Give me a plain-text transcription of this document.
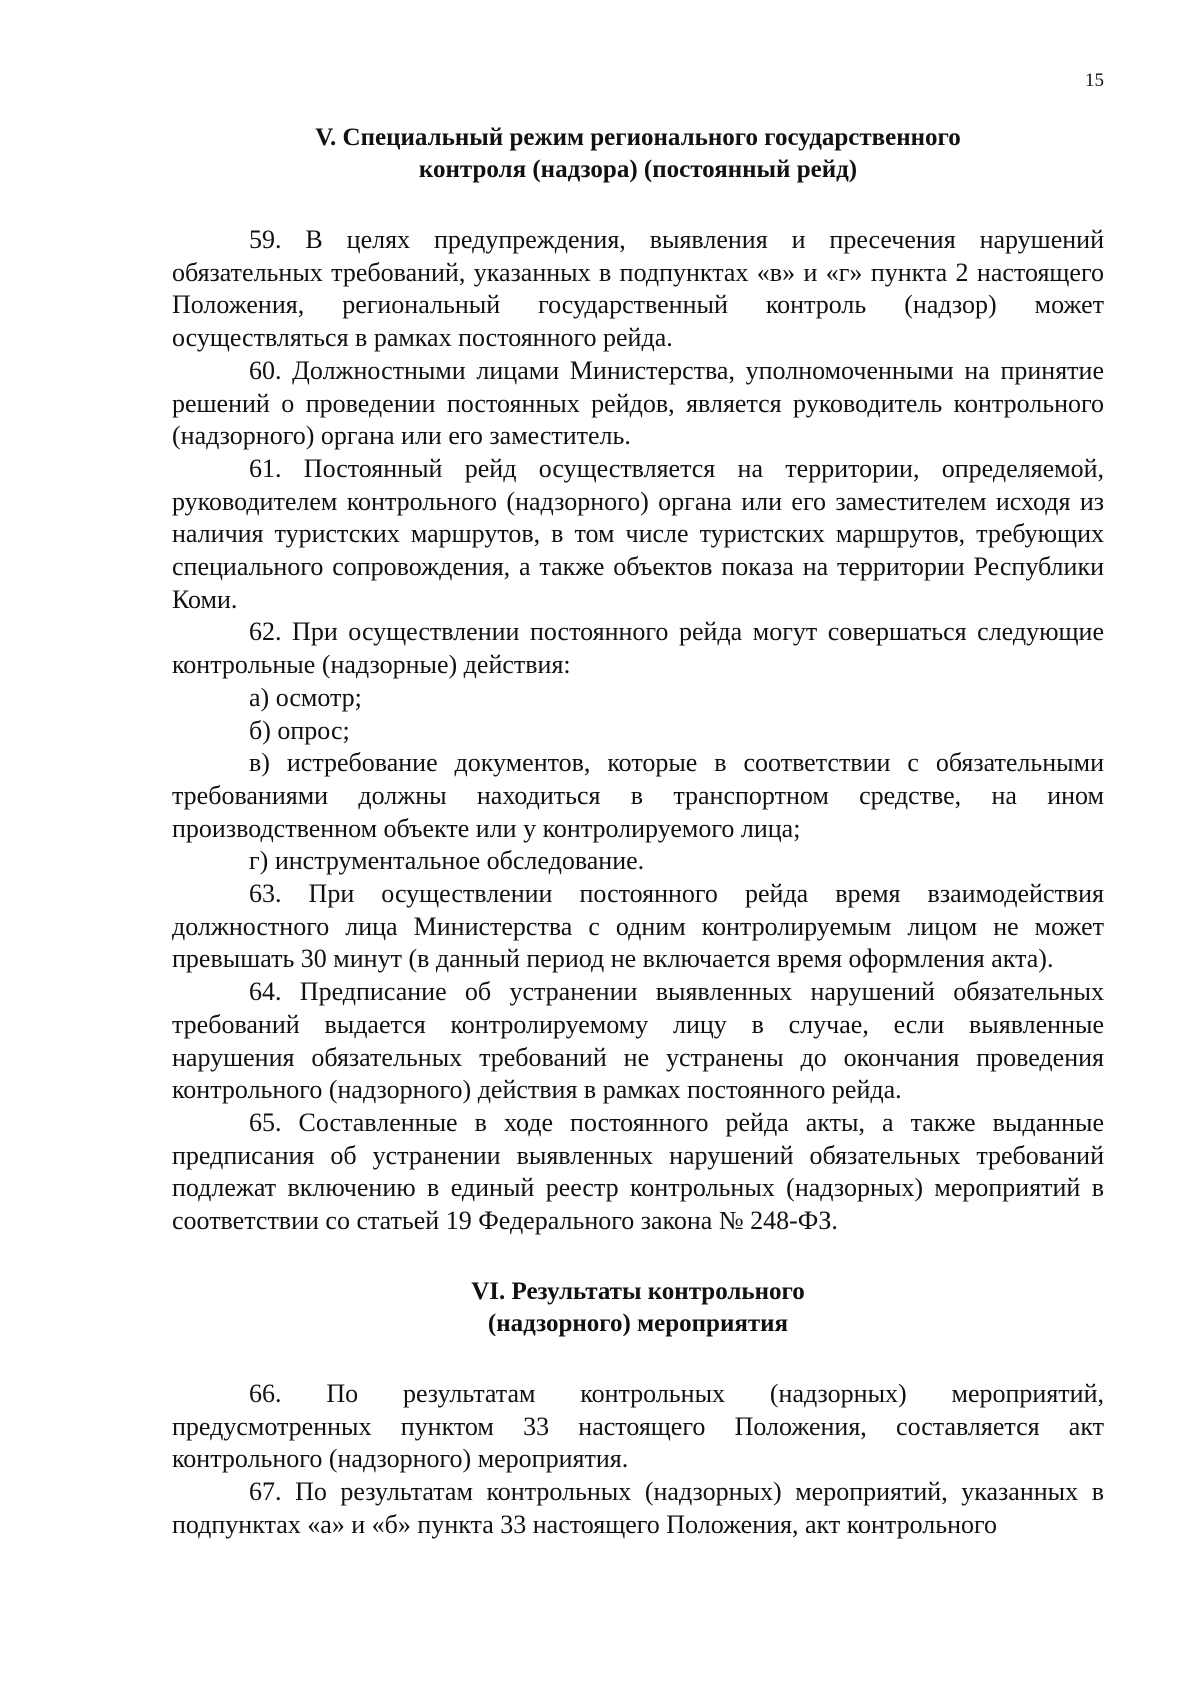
15
V. Специальный режим регионального государственного
контроля (надзора) (постоянный рейд)

59. В целях предупреждения, выявления и пресечения нарушений обязательных требований, указанных в подпунктах «в» и «г» пункта 2 настоящего Положения, региональный государственный контроль (надзор) может осуществляться в рамках постоянного рейда.

60. Должностными лицами Министерства, уполномоченными на принятие решений о проведении постоянных рейдов, является руководитель контрольного (надзорного) органа или его заместитель.

61. Постоянный рейд осуществляется на территории, определяемой, руководителем контрольного (надзорного) органа или его заместителем исходя из наличия туристских маршрутов, в том числе туристских маршрутов, требующих специального сопровождения, а также объектов показа на территории Республики Коми.

62. При осуществлении постоянного рейда могут совершаться следующие контрольные (надзорные) действия:

а) осмотр;

б) опрос;

в) истребование документов, которые в соответствии с обязательными требованиями должны находиться в транспортном средстве, на ином производственном объекте или у контролируемого лица;

г) инструментальное обследование.

63. При осуществлении постоянного рейда время взаимодействия должностного лица Министерства с одним контролируемым лицом не может превышать 30 минут (в данный период не включается время оформления акта).

64. Предписание об устранении выявленных нарушений обязательных требований выдается контролируемому лицу в случае, если выявленные нарушения обязательных требований не устранены до окончания проведения контрольного (надзорного) действия в рамках постоянного рейда.

65. Составленные в ходе постоянного рейда акты, а также выданные предписания об устранении выявленных нарушений обязательных требований подлежат включению в единый реестр контрольных (надзорных) мероприятий в соответствии со статьей 19 Федерального закона № 248-ФЗ.

VI. Результаты контрольного
(надзорного) мероприятия

66. По результатам контрольных (надзорных) мероприятий, предусмотренных пунктом 33 настоящего Положения, составляется акт контрольного (надзорного) мероприятия.

67. По результатам контрольных (надзорных) мероприятий, указанных в подпунктах «а» и «б» пункта 33 настоящего Положения, акт контрольного
